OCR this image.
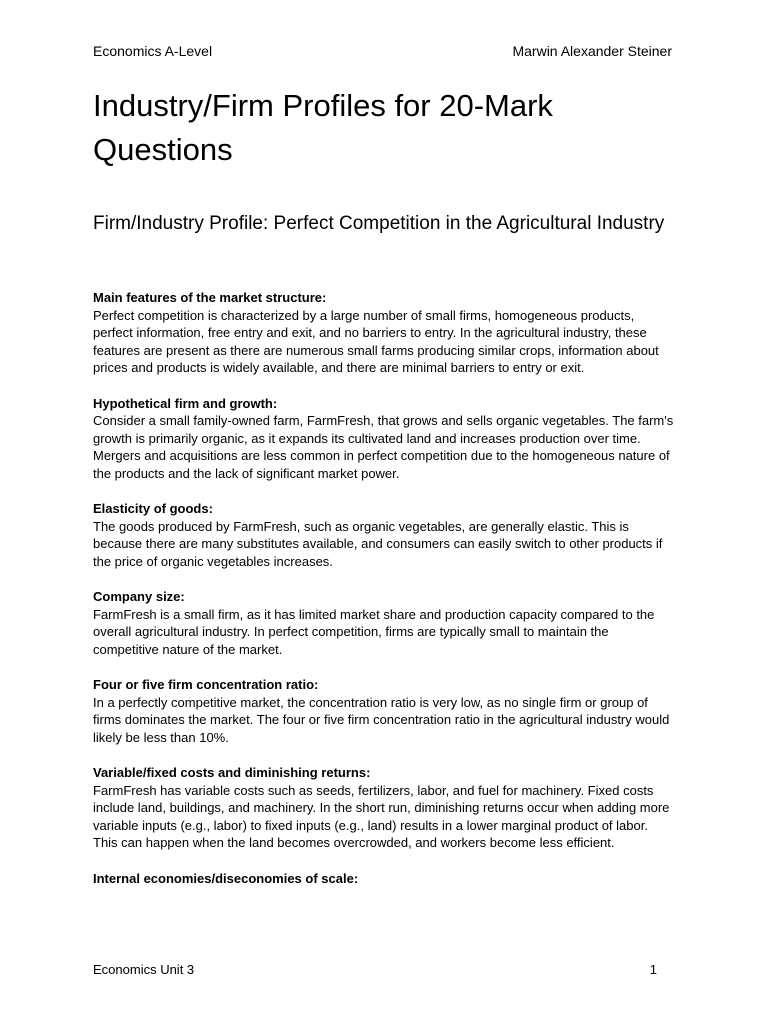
Economics A-Level	Marwin Alexander Steiner
Industry/Firm Profiles for 20-Mark Questions
Firm/Industry Profile: Perfect Competition in the Agricultural Industry
Main features of the market structure:

Perfect competition is characterized by a large number of small firms, homogeneous products, perfect information, free entry and exit, and no barriers to entry. In the agricultural industry, these features are present as there are numerous small farms producing similar crops, information about prices and products is widely available, and there are minimal barriers to entry or exit.

Hypothetical firm and growth:

Consider a small family-owned farm, FarmFresh, that grows and sells organic vegetables. The farm's growth is primarily organic, as it expands its cultivated land and increases production over time. Mergers and acquisitions are less common in perfect competition due to the homogeneous nature of the products and the lack of significant market power.

Elasticity of goods:

The goods produced by FarmFresh, such as organic vegetables, are generally elastic. This is because there are many substitutes available, and consumers can easily switch to other products if the price of organic vegetables increases.

Company size:

FarmFresh is a small firm, as it has limited market share and production capacity compared to the overall agricultural industry. In perfect competition, firms are typically small to maintain the competitive nature of the market.

Four or five firm concentration ratio:

In a perfectly competitive market, the concentration ratio is very low, as no single firm or group of firms dominates the market. The four or five firm concentration ratio in the agricultural industry would likely be less than 10%.

Variable/fixed costs and diminishing returns:

FarmFresh has variable costs such as seeds, fertilizers, labor, and fuel for machinery. Fixed costs include land, buildings, and machinery. In the short run, diminishing returns occur when adding more variable inputs (e.g., labor) to fixed inputs (e.g., land) results in a lower marginal product of labor. This can happen when the land becomes overcrowded, and workers become less efficient.

Internal economies/diseconomies of scale:

Economics Unit 3	1
